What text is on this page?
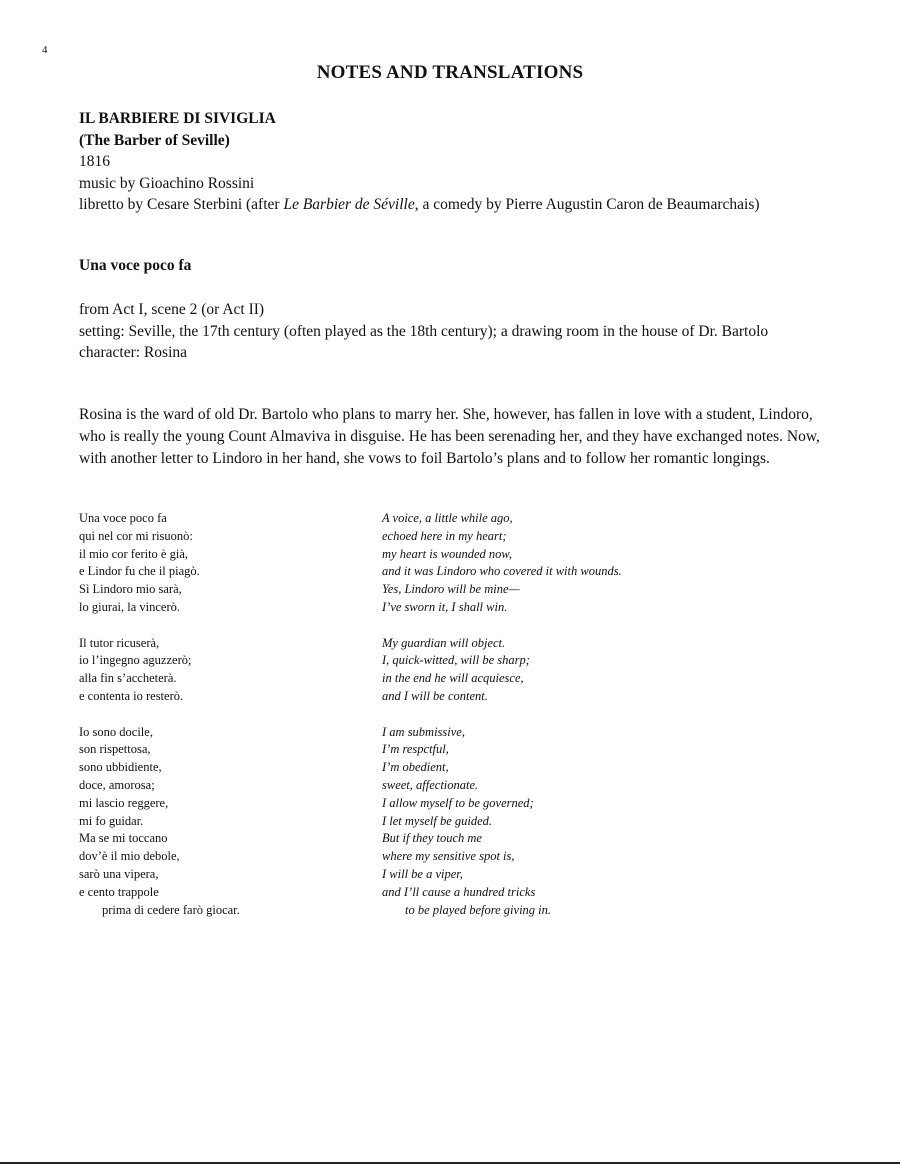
4
NOTES AND TRANSLATIONS
IL BARBIERE DI SIVIGLIA
(The Barber of Seville)
1816
music by Gioachino Rossini
libretto by Cesare Sterbini (after Le Barbier de Séville, a comedy by Pierre Augustin Caron de Beaumarchais)
Una voce poco fa
from Act I, scene 2 (or Act II)
setting: Seville, the 17th century (often played as the 18th century); a drawing room in the house of Dr. Bartolo
character: Rosina
Rosina is the ward of old Dr. Bartolo who plans to marry her. She, however, has fallen in love with a student, Lindoro, who is really the young Count Almaviva in disguise. He has been serenading her, and they have exchanged notes. Now, with another letter to Lindoro in her hand, she vows to foil Bartolo’s plans and to follow her romantic longings.
Una voce poco fa
qui nel cor mi risuonò:
il mio cor ferito è già,
e Lindor fu che il piagò.
Sì Lindoro mio sarà,
lo giurai, la vincerò.
Il tutor ricuserà,
io l’ingegno aguzzerò;
alla fin s’accheterà.
e contenta io resterò.
Io sono docile,
son rispettosa,
sono ubbidiente,
doce, amorosa;
mi lascio reggere,
mi fo guidar.
Ma se mi toccano
dov’è il mio debole,
sarò una vipera,
e cento trappole
prima di cedere farò giocar.
A voice, a little while ago,
echoed here in my heart;
my heart is wounded now,
and it was Lindoro who covered it with wounds.
Yes, Lindoro will be mine—
I’ve sworn it, I shall win.
My guardian will object.
I, quick-witted, will be sharp;
in the end he will acquiesce,
and I will be content.
I am submissive,
I’m respctful,
I’m obedient,
sweet, affectionate.
I allow myself to be governed;
I let myself be guided.
But if they touch me
where my sensitive spot is,
I will be a viper,
and I’ll cause a hundred tricks
to be played before giving in.
